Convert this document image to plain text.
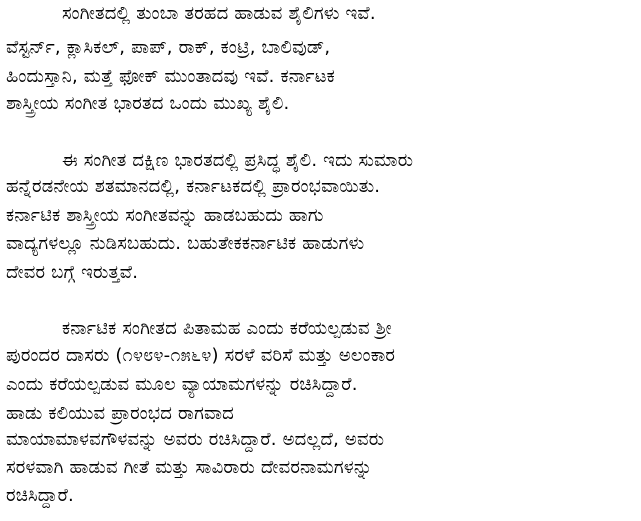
ಸಂಗೀತದಲ್ಲಿ ತುಂಬಾ ತರಹದ ಹಾಡುವ ಶೈಲಿಗಳು ಇವೆ.
ವೆಸ್ಟರ್ನ್, ಕ್ಲಾಸಿಕಲ್, ಪಾಪ್, ರಾಕ್, ಕಂಟ್ರಿ, ಬಾಲಿವುಡ್,
ಹಿಂದುಸ್ತಾನಿ, ಮತ್ತೆ ಫೋಕ್ ಮುಂತಾದವು ಇವೆ. ಕರ್ನಾಟಕ
ಶಾಸ್ತ್ರೀಯ ಸಂಗೀತ ಭಾರತದ ಒಂದು ಮುಖ್ಯ ಶೈಲಿ.
ಈ ಸಂಗೀತ ದಕ್ಷಿಣ ಭಾರತದಲ್ಲಿ ಪ್ರಸಿದ್ಧ ಶೈಲಿ. ಇದು ಸುಮಾರು
ಹನ್ನೆರಡನೇಯ ಶತಮಾನದಲ್ಲಿ, ಕರ್ನಾಟಕದಲ್ಲಿ ಪ್ರಾರಂಭವಾಯಿತು.
ಕರ್ನಾಟಿಕ ಶಾಸ್ತ್ರೀಯ ಸಂಗೀತವನ್ನು ಹಾಡಬಹುದು ಹಾಗು
ವಾದ್ಯಗಳಲ್ಲೂ ನುಡಿಸಬಹುದು. ಬಹುತೇಕಕರ್ನಾಟಿಕ ಹಾಡುಗಳು
ದೇವರ ಬಗ್ಗೆ ಇರುತ್ತವೆ.
ಕರ್ನಾಟಿಕ ಸಂಗೀತದ ಪಿತಾಮಹ ಎಂದು ಕರೆಯಲ್ಪಡುವ ಶ್ರೀ
ಪುರಂದರ ದಾಸರು (೧೪೮೪-೧೫೬೪) ಸರಳೆ ವರಿಸೆ ಮತ್ತು ಅಲಂಕಾರ
ಎಂದು ಕರೆಯಲ್ಪಡುವ ಮೂಲ ವ್ಯಾಯಾಮಗಳನ್ನು ರಚಿಸಿದ್ದಾರೆ.
ಹಾಡು ಕಲಿಯುವ ಪ್ರಾರಂಭದ ರಾಗವಾದ
ಮಾಯಾಮಾಳವಗೌಳವನ್ನು ಅವರು ರಚಿಸಿದ್ದಾರೆ. ಅದಲ್ಲದೆ, ಅವರು
ಸರಳವಾಗಿ ಹಾಡುವ ಗೀತೆ ಮತ್ತು ಸಾವಿರಾರು ದೇವರನಾಮಗಳನ್ನು
ರಚಿಸಿದ್ದಾರೆ.
